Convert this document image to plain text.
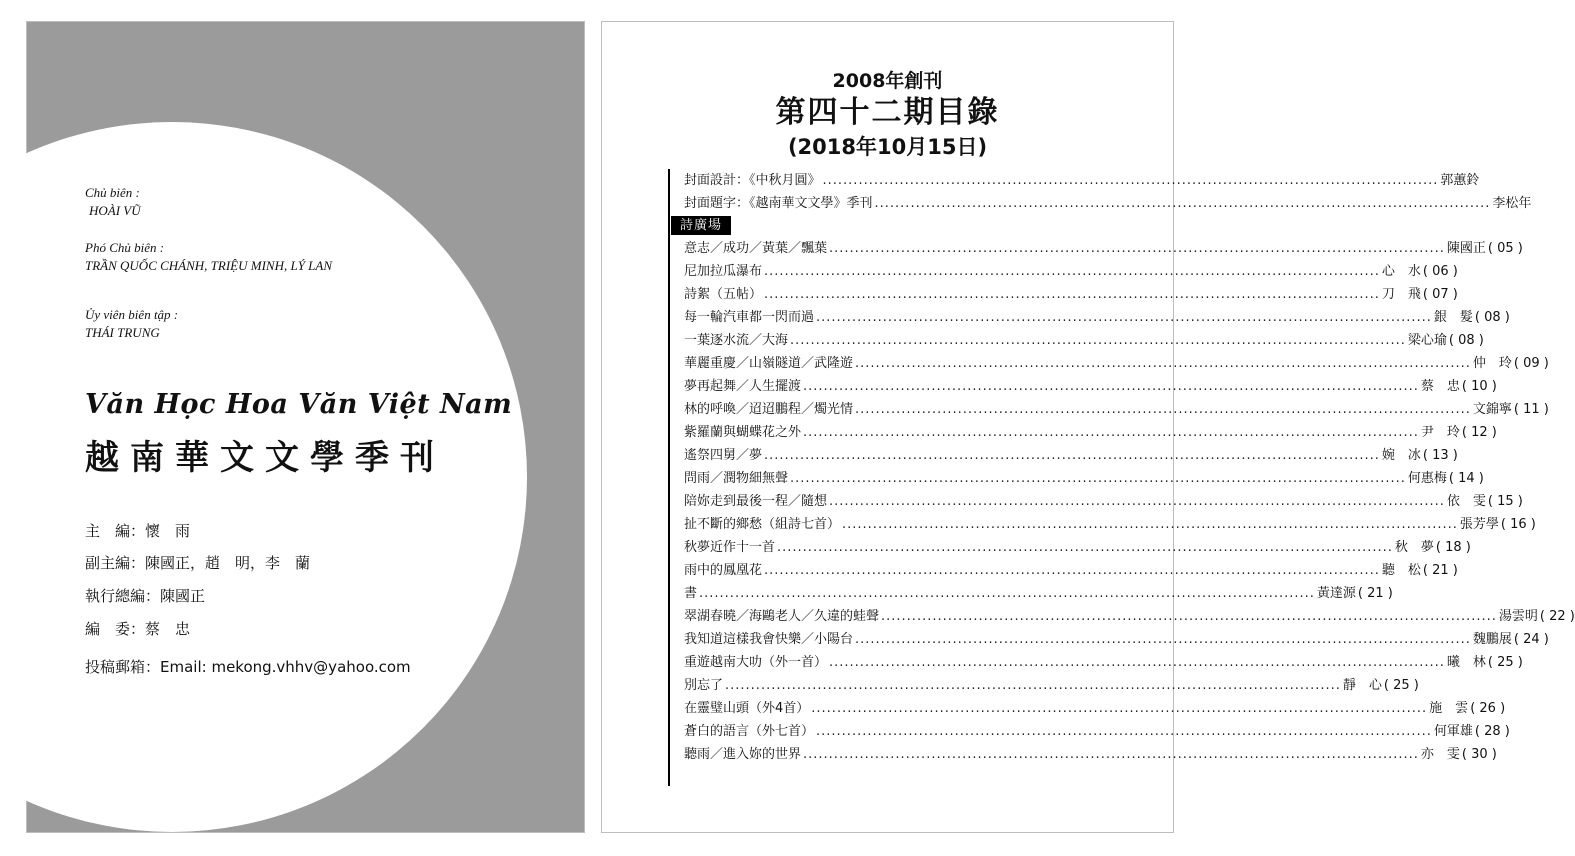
Chủ biên :
HOÀI VŨ
Phó Chủ biên :
TRẦN QUỐC CHÁNH, TRIỆU MINH, LÝ LAN
Ủy viên biên tập :
THÁI TRUNG
Văn Học Hoa Văn Việt Nam
越南華文文學季刊
主　編：懷　雨
副主編：陳國正，趙　明，李　蘭
執行總編：陳國正
編　委：蔡　忠
投稿郵箱：Email: mekong.vhhv@yahoo.com
2008年創刊
第四十二期目錄
(2018年10月15日)
封面設計：《中秋月圓》 ........................................................................................................................ 郭蕙鈴
封面題字：《越南華文文學》季刊 ........................................................................................................................ 李松年
詩廣場
意志／成功／黃葉／飄葉 ........................................................................................................................ 陳國正 ( 05 )
尼加拉瓜瀑布 ........................................................................................................................ 心　水 ( 06 )
詩絮（五帖） ........................................................................................................................ 刀　飛 ( 07 )
每一輪汽車都一閃而過 ........................................................................................................................ 銀　髮 ( 08 )
一葉逐水流／大海 ........................................................................................................................ 梁心瑜 ( 08 )
華麗重慶／山嶺隧道／武隆遊 ........................................................................................................................ 仲　玲 ( 09 )
夢再起舞／人生擺渡 ........................................................................................................................ 蔡　忠 ( 10 )
林的呼喚／迢迢鵬程／燭光情 ........................................................................................................................ 文錦寧 ( 11 )
紫羅蘭與蝴蝶花之外 ........................................................................................................................ 尹　玲 ( 12 )
遙祭四舅／夢 ........................................................................................................................ 婉　冰 ( 13 )
問雨／潤物細無聲 ........................................................................................................................ 何惠梅 ( 14 )
陪妳走到最後一程／隨想 ........................................................................................................................ 依　雯 ( 15 )
扯不斷的鄉愁（組詩七首） ........................................................................................................................ 張芳學 ( 16 )
秋夢近作十一首 ........................................................................................................................ 秋　夢 ( 18 )
雨中的鳳凰花 ........................................................................................................................ 聽　松 ( 21 )
書 ........................................................................................................................ 黃達源 ( 21 )
翠湖春曉／海鷗老人／久違的蛙聲 ........................................................................................................................ 湯雲明 ( 22 )
我知道這樣我會快樂／小陽台 ........................................................................................................................ 魏鵬展 ( 24 )
重遊越南大叻（外一首） ........................................................................................................................ 曦　林 ( 25 )
別忘了 ........................................................................................................................ 靜　心 ( 25 )
在靈璧山頭（外4首） ........................................................................................................................ 施　雲 ( 26 )
蒼白的語言（外七首） ........................................................................................................................ 何軍雄 ( 28 )
聽雨／進入妳的世界 ........................................................................................................................ 亦　雯 ( 30 )
